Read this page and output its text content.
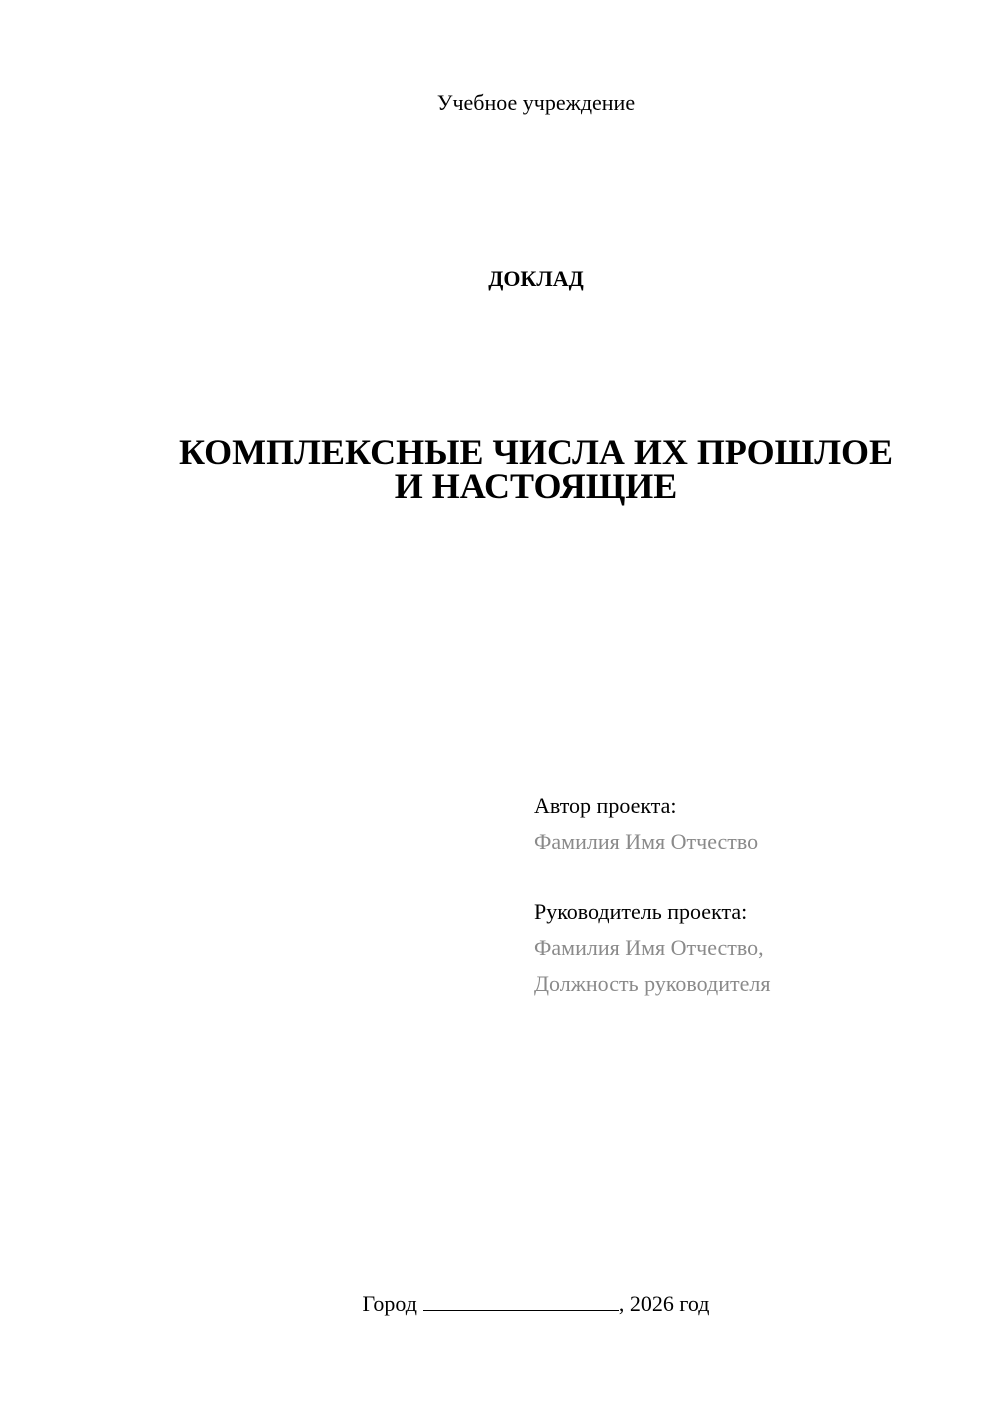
Учебное учреждение
ДОКЛАД
КОМПЛЕКСНЫЕ ЧИСЛА ИХ ПРОШЛОЕ
И НАСТОЯЩИЕ
Автор проекта:
Фамилия Имя Отчество
Руководитель проекта:
Фамилия Имя Отчество,
Должность руководителя
Город	, 2026 год
